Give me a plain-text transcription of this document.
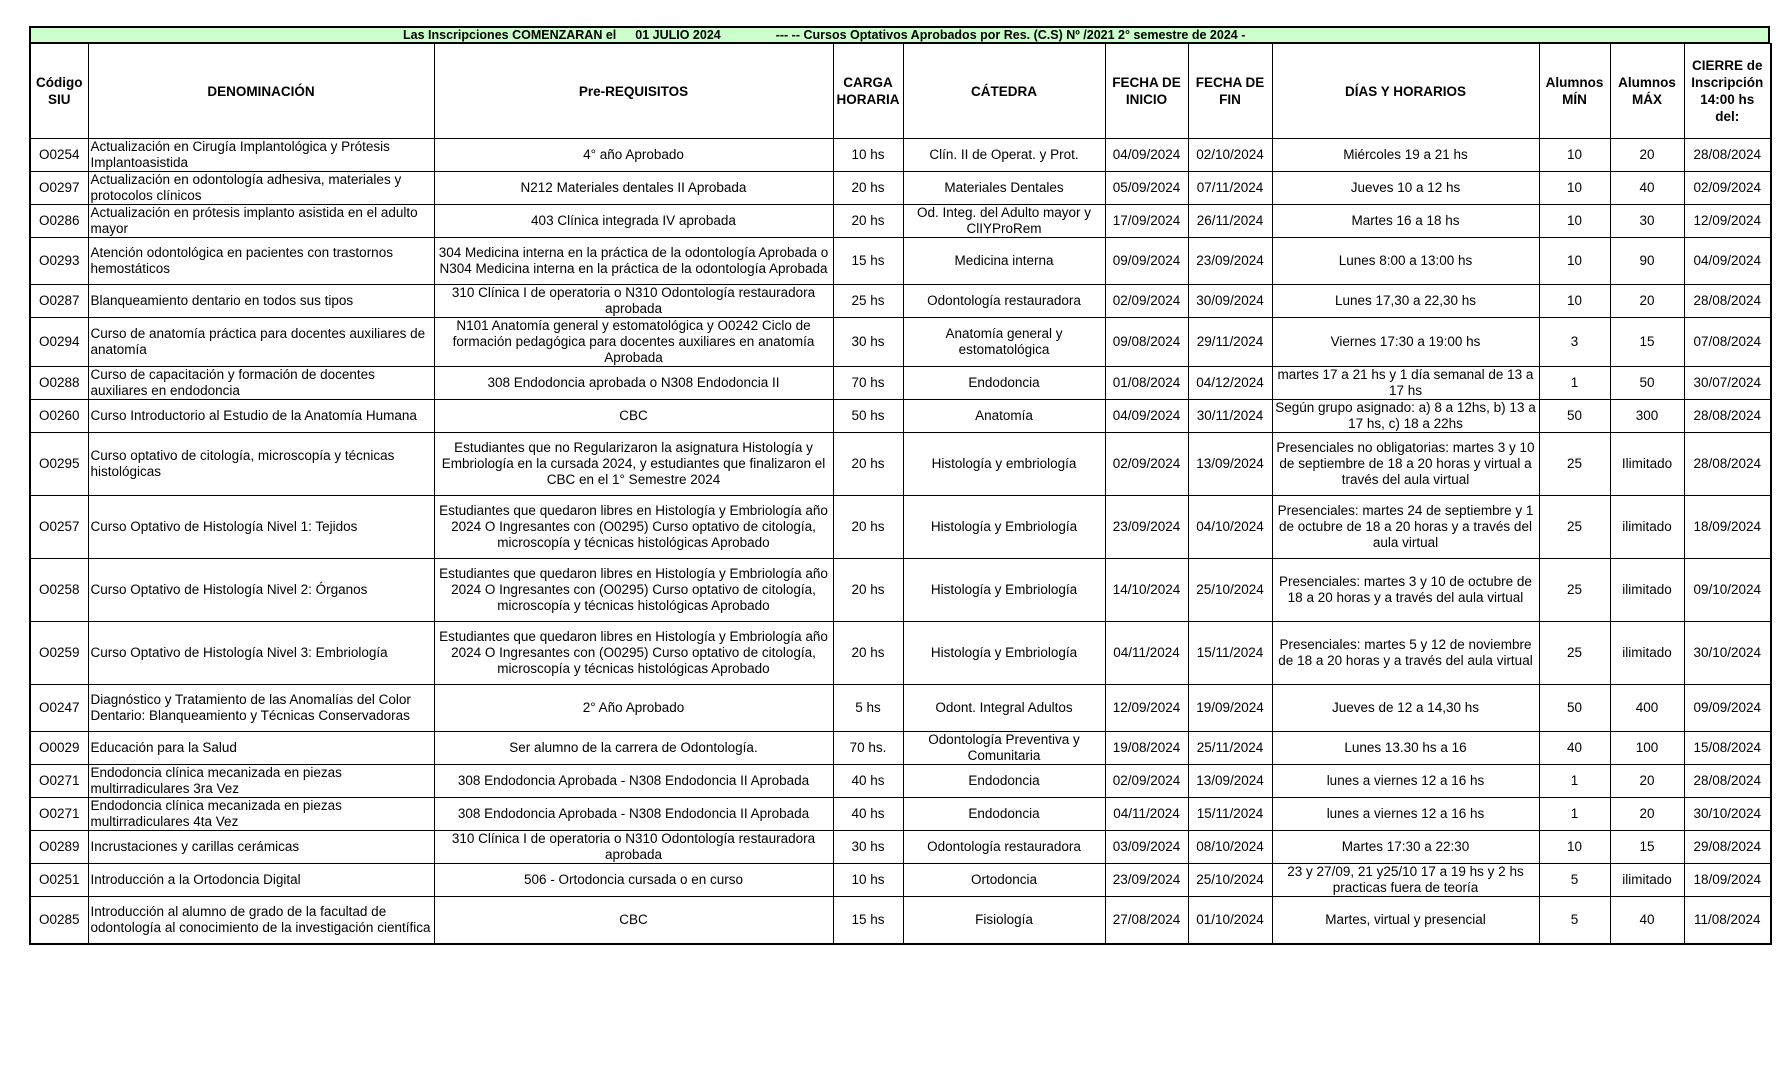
Las Inscripciones COMENZARAN el 01 JULIO 2024	--- -- Cursos Optativos Aprobados por Res. (C.S) Nº /2021 2° semestre de 2024 -
Código SIU	DENOMINACIÓN	Pre-REQUISITOS	CARGA HORARIA	CÁTEDRA	FECHA DE INICIO	FECHA DE FIN	DÍAS Y HORARIOS	Alumnos MÍN	Alumnos MÁX	CIERRE de Inscripción 14:00 hs del:
O0254	Actualización en Cirugía Implantológica y Prótesis Implantoasistida	4° año Aprobado	10 hs	Clín. II de Operat. y Prot.	04/09/2024	02/10/2024	Miércoles 19 a 21 hs	10	20	28/08/2024
O0297	Actualización en odontología adhesiva, materiales y protocolos clínicos	N212 Materiales dentales II Aprobada	20 hs	Materiales Dentales	05/09/2024	07/11/2024	Jueves 10 a 12 hs	10	40	02/09/2024
O0286	Actualización en prótesis implanto asistida en el adulto mayor	403 Clínica integrada IV aprobada	20 hs	Od. Integ. del Adulto mayor y ClIYProRem	17/09/2024	26/11/2024	Martes 16 a 18 hs	10	30	12/09/2024
O0293	Atención odontológica en pacientes con trastornos hemostáticos	304 Medicina interna en la práctica de la odontología Aprobada o N304 Medicina interna en la práctica de la odontología Aprobada	15 hs	Medicina interna	09/09/2024	23/09/2024	Lunes 8:00 a 13:00 hs	10	90	04/09/2024
O0287	Blanqueamiento dentario en todos sus tipos	310 Clínica I de operatoria o N310 Odontología restauradora aprobada	25 hs	Odontología restauradora	02/09/2024	30/09/2024	Lunes 17,30 a 22,30 hs	10	20	28/08/2024
O0294	Curso de anatomía práctica para docentes auxiliares de anatomía	N101 Anatomía general y estomatológica y O0242 Ciclo de formación pedagógica para docentes auxiliares en anatomía Aprobada	30 hs	Anatomía general y estomatológica	09/08/2024	29/11/2024	Viernes 17:30 a 19:00 hs	3	15	07/08/2024
O0288	Curso de capacitación y formación de docentes auxiliares en endodoncia	308 Endodoncia aprobada o N308 Endodoncia II	70 hs	Endodoncia	01/08/2024	04/12/2024	martes 17 a 21 hs y 1 día semanal de 13 a 17 hs	1	50	30/07/2024
O0260	Curso Introductorio al Estudio de la Anatomía Humana	CBC	50 hs	Anatomía	04/09/2024	30/11/2024	Según grupo asignado: a) 8 a 12hs, b) 13 a 17 hs, c) 18 a 22hs	50	300	28/08/2024
O0295	Curso optativo de citología, microscopía y técnicas histológicas	Estudiantes que no Regularizaron la asignatura Histología y Embriología en la cursada 2024, y estudiantes que finalizaron el CBC en el 1° Semestre 2024	20 hs	Histología y embriología	02/09/2024	13/09/2024	Presenciales no obligatorias: martes 3 y 10 de septiembre de 18 a 20 horas y virtual a través del aula virtual	25	Ilimitado	28/08/2024
O0257	Curso Optativo de Histología Nivel 1: Tejidos	Estudiantes que quedaron libres en Histología y Embriología año 2024 O Ingresantes con (O0295) Curso optativo de citología, microscopía y técnicas histológicas Aprobado	20 hs	Histología y Embriología	23/09/2024	04/10/2024	Presenciales: martes 24 de septiembre y 1 de octubre de 18 a 20 horas y a través del aula virtual	25	ilimitado	18/09/2024
O0258	Curso Optativo de Histología Nivel 2: Órganos	Estudiantes que quedaron libres en Histología y Embriología año 2024 O Ingresantes con (O0295) Curso optativo de citología, microscopía y técnicas histológicas Aprobado	20 hs	Histología y Embriología	14/10/2024	25/10/2024	Presenciales: martes 3 y 10 de octubre de 18 a 20 horas y a través del aula virtual	25	ilimitado	09/10/2024
O0259	Curso Optativo de Histología Nivel 3: Embriología	Estudiantes que quedaron libres en Histología y Embriología año 2024 O Ingresantes con (O0295) Curso optativo de citología, microscopía y técnicas histológicas Aprobado	20 hs	Histología y Embriología	04/11/2024	15/11/2024	Presenciales: martes 5 y 12 de noviembre de 18 a 20 horas y a través del aula virtual	25	ilimitado	30/10/2024
O0247	Diagnóstico y Tratamiento de las Anomalías del Color Dentario: Blanqueamiento y Técnicas Conservadoras	2° Año Aprobado	5 hs	Odont. Integral Adultos	12/09/2024	19/09/2024	Jueves de 12 a 14,30 hs	50	400	09/09/2024
O0029	Educación para la Salud	Ser alumno de la carrera de Odontología.	70 hs.	Odontología Preventiva y Comunitaria	19/08/2024	25/11/2024	Lunes 13.30 hs a 16	40	100	15/08/2024
O0271	Endodoncia clínica mecanizada en piezas multirradiculares 3ra Vez	308 Endodoncia Aprobada - N308 Endodoncia II Aprobada	40 hs	Endodoncia	02/09/2024	13/09/2024	lunes a viernes 12 a 16 hs	1	20	28/08/2024
O0271	Endodoncia clínica mecanizada en piezas multirradiculares 4ta Vez	308 Endodoncia Aprobada - N308 Endodoncia II Aprobada	40 hs	Endodoncia	04/11/2024	15/11/2024	lunes a viernes 12 a 16 hs	1	20	30/10/2024
O0289	Incrustaciones y carillas cerámicas	310 Clínica I de operatoria o N310 Odontología restauradora aprobada	30 hs	Odontología restauradora	03/09/2024	08/10/2024	Martes 17:30 a 22:30	10	15	29/08/2024
O0251	Introducción a la Ortodoncia Digital	506 - Ortodoncia cursada o en curso	10 hs	Ortodoncia	23/09/2024	25/10/2024	23 y 27/09, 21 y25/10 17 a 19 hs y 2 hs practicas fuera de teoría	5	ilimitado	18/09/2024
O0285	Introducción al alumno de grado de la facultad de odontología al conocimiento de la investigación científica	CBC	15 hs	Fisiología	27/08/2024	01/10/2024	Martes, virtual y presencial	5	40	11/08/2024
